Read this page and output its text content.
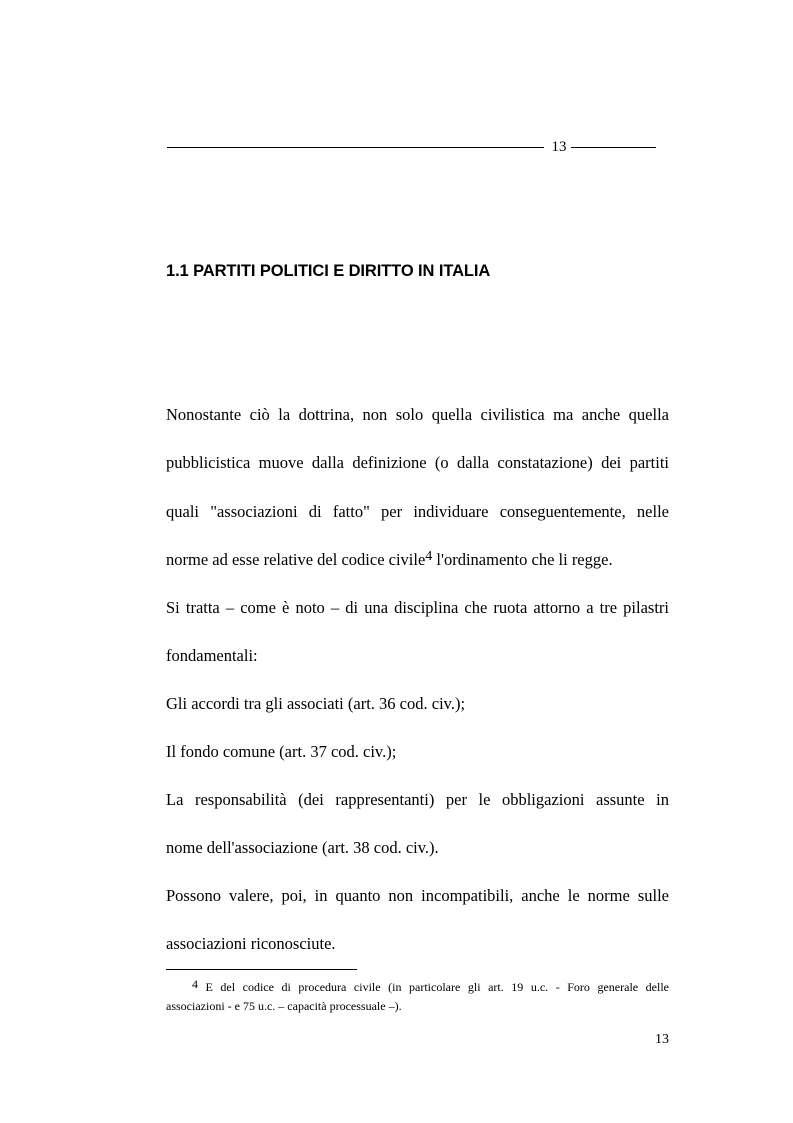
13
1.1 PARTITI POLITICI E DIRITTO IN ITALIA
Nonostante ciò la dottrina, non solo quella civilistica ma anche quella
pubblicistica muove dalla definizione (o dalla constatazione) dei partiti
quali "associazioni di fatto" per individuare conseguentemente, nelle
norme ad esse relative del codice civile$^4$ l'ordinamento che li regge.
Si tratta – come è noto – di una disciplina che ruota attorno a tre pilastri
fondamentali:
Gli accordi tra gli associati (art. 36 cod. civ.);
Il fondo comune (art. 37 cod. civ.);
La responsabilità (dei rappresentanti) per le obbligazioni assunte in
nome dell'associazione (art. 38 cod. civ.).
Possono valere, poi, in quanto non incompatibili, anche le norme sulle
associazioni riconosciute.
4 E del codice di procedura civile (in particolare gli art. 19 u.c. - Foro generale delle
associazioni - e 75 u.c. – capacità processuale –).
13
